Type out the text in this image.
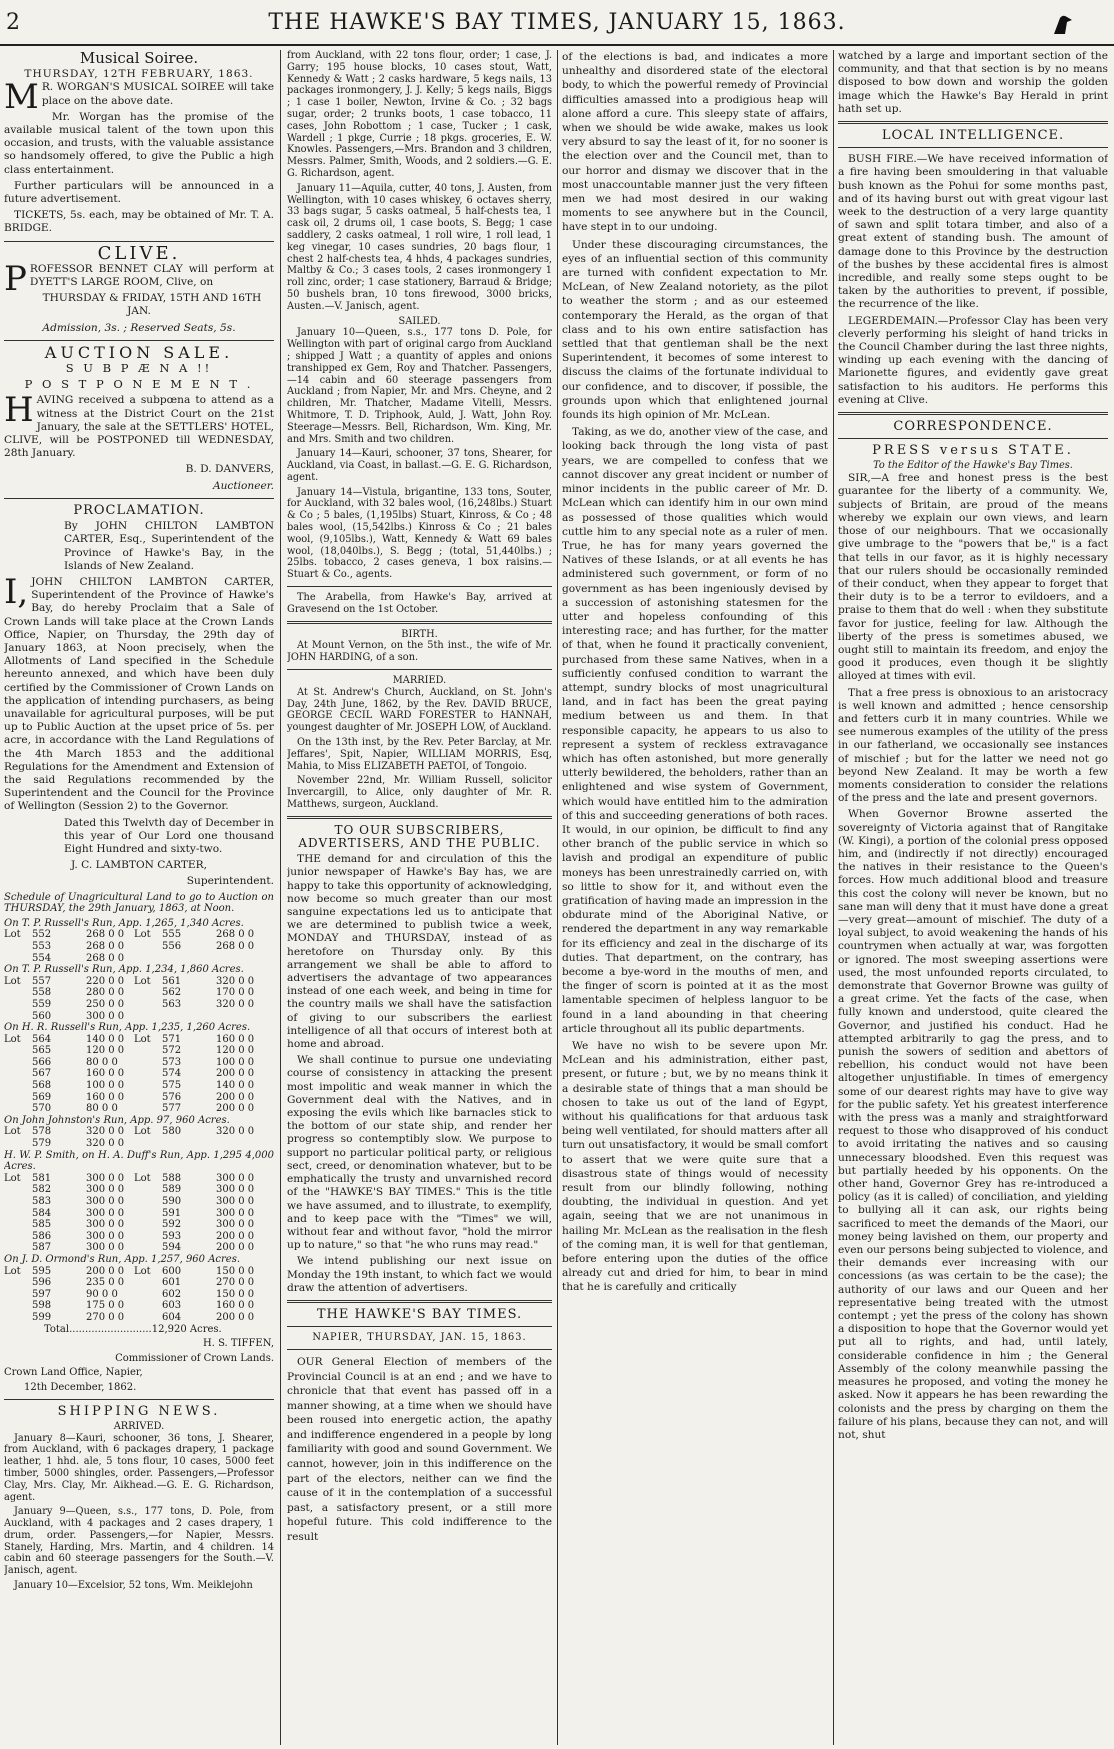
2	THE HAWKE'S BAY TIMES, JANUARY 15, 1863.
Musical Soiree.
THURSDAY, 12TH FEBRUARY, 1863.

M R. WORGAN'S MUSICAL SOIREE will take place on the above date.

Mr. Worgan has the promise of the available musical talent of the town upon this occasion, and trusts, with the valuable assistance so handsomely offered, to give the Public a high class entertainment.

Further particulars will be announced in a future advertisement.

TICKETS, 5s. each, may be obtained of Mr. T. A. BRIDGE.

CLIVE.

PROFESSOR BENNET CLAY will perform at DYETT'S LARGE ROOM, Clive, on

THURSDAY & FRIDAY, 15TH AND 16TH JAN.

Admission, 3s. ; Reserved Seats, 5s.

AUCTION SALE.
S U B P Æ N A !!
P O S T P O N E M E N T .

HAVING received a subpœna to attend as a witness at the District Court on the 21st January, the sale at the SETTLERS' HOTEL, CLIVE, will be POSTPONED till WEDNESDAY, 28th January.

B. D. DANVERS,

Auctioneer.

PROCLAMATION.

By JOHN CHILTON LAMBTON CARTER, Esq., Superintendent of the Province of Hawke's Bay, in the Islands of New Zealand.

I, JOHN CHILTON LAMBTON CARTER, Superintendent of the Province of Hawke's Bay, do hereby Proclaim that a Sale of Crown Lands will take place at the Crown Lands Office, Napier, on Thursday, the 29th day of January 1863, at Noon precisely, when the Allotments of Land specified in the Schedule hereunto annexed, and which have been duly certified by the Commissioner of Crown Lands on the application of intending purchasers, as being unavailable for agricultural purposes, will be put up to Public Auction at the upset price of 5s. per acre, in accordance with the Land Regulations of the 4th March 1853 and the additional Regulations for the Amendment and Extension of the said Regulations recommended by the Superintendent and the Council for the Province of Wellington (Session 2) to the Governor.

Dated this Twelvth day of December in this year of Our Lord one thousand Eight Hundred and sixty-two.

J. C. LAMBTON CARTER,

Superintendent.

Schedule of Unagricultural Land to go to Auction on THURSDAY, the 29th January, 1863, at Noon.

On T. P. Russell's Run, App. 1,265, 1,340 Acres.
Lot	552	268 0 0 Lot	555	268 0 0
553	268 0 0	556	268 0 0
554	268 0 0
On T. P. Russell's Run, App. 1,234, 1,860 Acres.
Lot	557	220 0 0 Lot	561	320 0 0
558	280 0 0	562	170 0 0
559	250 0 0	563	320 0 0
560	300 0 0
On H. R. Russell's Run, App. 1,235, 1,260 Acres.
Lot	564	140 0 0 Lot	571	160 0 0
565	120 0 0	572	120 0 0
566	80 0 0	573	100 0 0
567	160 0 0	574	200 0 0
568	100 0 0	575	140 0 0
569	160 0 0	576	200 0 0
570	80 0 0	577	200 0 0
On John Johnston's Run, App. 97, 960 Acres.
Lot	578	320 0 0 Lot	580	320 0 0
579	320 0 0
H. W. P. Smith, on H. A. Duff's Run, App. 1,295 4,000 Acres.
Lot	581	300 0 0 Lot	588	300 0 0
582	300 0 0	589	300 0 0
583	300 0 0	590	300 0 0
584	300 0 0	591	300 0 0
585	300 0 0	592	300 0 0
586	300 0 0	593	200 0 0
587	300 0 0	594	200 0 0
On J. D. Ormond's Run, App. 1,257, 960 Acres.
Lot	595	200 0 0 Lot	600	150 0 0
596	235 0 0	601	270 0 0
597	90 0 0	602	150 0 0
598	175 0 0	603	160 0 0
599	270 0 0	604	200 0 0

Total..........................12,920 Acres.

H. S. TIFFEN,

Commissioner of Crown Lands.

Crown Land Office, Napier,

12th December, 1862.

SHIPPING NEWS.
ARRIVED.

January 8—Kauri, schooner, 36 tons, J. Shearer, from Auckland, with 6 packages drapery, 1 package leather, 1 hhd. ale, 5 tons flour, 10 cases, 5000 feet timber, 5000 shingles, order. Passengers,—Professor Clay, Mrs. Clay, Mr. Aikhead.—G. E. G. Richardson, agent.

January 9—Queen, s.s., 177 tons, D. Pole, from Auckland, with 4 packages and 2 cases drapery, 1 drum, order. Passengers,—for Napier, Messrs. Stanely, Harding, Mrs. Martin, and 4 children. 14 cabin and 60 steerage passengers for the South.—V. Janisch, agent.

January 10—Excelsior, 52 tons, Wm. Meiklejohn

from Auckland, with 22 tons flour, order; 1 case, J. Garry; 195 house blocks, 10 cases stout, Watt, Kennedy & Watt ; 2 casks hardware, 5 kegs nails, 13 packages ironmongery, J. J. Kelly; 5 kegs nails, Biggs ; 1 case 1 boiler, Newton, Irvine & Co. ; 32 bags sugar, order; 2 trunks boots, 1 case tobacco, 11 cases, John Robottom ; 1 case, Tucker ; 1 cask, Wardell ; 1 pkge, Currie ; 18 pkgs. groceries, E. W. Knowles. Passengers,—Mrs. Brandon and 3 children, Messrs. Palmer, Smith, Woods, and 2 soldiers.—G. E. G. Richardson, agent.

January 11—Aquila, cutter, 40 tons, J. Austen, from Wellington, with 10 cases whiskey, 6 octaves sherry, 33 bags sugar, 5 casks oatmeal, 5 half-chests tea, 1 cask oil, 2 drums oil, 1 case boots, S. Begg; 1 case saddlery, 2 casks oatmeal, 1 roll wire, 1 roll lead, 1 keg vinegar, 10 cases sundries, 20 bags flour, 1 chest 2 half-chests tea, 4 hhds, 4 packages sundries, Maltby & Co.; 3 cases tools, 2 cases ironmongery 1 roll zinc, order; 1 case stationery, Barraud & Bridge; 50 bushels bran, 10 tons firewood, 3000 bricks, Austen.—V. Janisch, agent.

SAILED.

January 10—Queen, s.s., 177 tons D. Pole, for Wellington with part of original cargo from Auckland ; shipped J Watt ; a quantity of apples and onions transhipped ex Gem, Roy and Thatcher. Passengers,—14 cabin and 60 steerage passengers from Auckland ; from Napier, Mr. and Mrs. Cheyne, and 2 children, Mr. Thatcher, Madame Vitelli, Messrs. Whitmore, T. D. Triphook, Auld, J. Watt, John Roy. Steerage—Messrs. Bell, Richardson, Wm. King, Mr. and Mrs. Smith and two children.

January 14—Kauri, schooner, 37 tons, Shearer, for Auckland, via Coast, in ballast.—G. E. G. Richardson, agent.

January 14—Vistula, brigantine, 133 tons, Souter, for Auckland, with 32 bales wool, (16,248lbs.) Stuart & Co ; 5 bales, (1,195lbs) Stuart, Kinross, & Co ; 48 bales wool, (15,542lbs.) Kinross & Co ; 21 bales wool, (9,105lbs.), Watt, Kennedy & Watt 69 bales wool, (18,040lbs.), S. Begg ; (total, 51,440lbs.) ; 25lbs. tobacco, 2 cases geneva, 1 box raisins.—Stuart & Co., agents.

The Arabella, from Hawke's Bay, arrived at Gravesend on the 1st October.

BIRTH.

At Mount Vernon, on the 5th inst., the wife of Mr. JOHN HARDING, of a son.

MARRIED.

At St. Andrew's Church, Auckland, on St. John's Day, 24th June, 1862, by the Rev. DAVID BRUCE, GEORGE CECIL WARD FORESTER to HANNAH, youngest daughter of Mr. JOSEPH LOW, of Auckland.

On the 13th inst, by the Rev. Peter Barclay, at Mr. Jeffares', Spit, Napier, WILLIAM MORRIS, Esq, Mahia, to Miss ELIZABETH PAETOI, of Tongoio.

November 22nd, Mr. William Russell, solicitor Invercargill, to Alice, only daughter of Mr. R. Matthews, surgeon, Auckland.

TO OUR SUBSCRIBERS, ADVERTISERS, AND THE PUBLIC.

THE demand for and circulation of this the junior newspaper of Hawke's Bay has, we are happy to take this opportunity of acknowledging, now become so much greater than our most sanguine expectations led us to anticipate that we are determined to publish twice a week, MONDAY and THURSDAY, instead of as heretofore on Thursday only. By this arrangement we shall be able to afford to advertisers the advantage of two appearances instead of one each week, and being in time for the country mails we shall have the satisfaction of giving to our subscribers the earliest intelligence of all that occurs of interest both at home and abroad.

We shall continue to pursue one undeviating course of consistency in attacking the present most impolitic and weak manner in which the Government deal with the Natives, and in exposing the evils which like barnacles stick to the bottom of our state ship, and render her progress so contemptibly slow. We purpose to support no particular political party, or religious sect, creed, or denomination whatever, but to be emphatically the trusty and unvarnished record of the "HAWKE'S BAY TIMES." This is the title we have assumed, and to illustrate, to exemplify, and to keep pace with the "Times" we will, without fear and without favor, "hold the mirror up to nature," so that "he who runs may read."

We intend publishing our next issue on Monday the 19th instant, to which fact we would draw the attention of advertisers.

THE HAWKE'S BAY TIMES.
NAPIER, THURSDAY, JAN. 15, 1863.

OUR General Election of members of the Provincial Council is at an end ; and we have to chronicle that that event has passed off in a manner showing, at a time when we should have been roused into energetic action, the apathy and indifference engendered in a people by long familiarity with good and sound Government. We cannot, however, join in this indifference on the part of the electors, neither can we find the cause of it in the contemplation of a successful past, a satisfactory present, or a still more hopeful future. This cold indifference to the result

of the elections is bad, and indicates a more unhealthy and disordered state of the electoral body, to which the powerful remedy of Provincial difficulties amassed into a prodigious heap will alone afford a cure. This sleepy state of affairs, when we should be wide awake, makes us look very absurd to say the least of it, for no sooner is the election over and the Council met, than to our horror and dismay we discover that in the most unaccountable manner just the very fifteen men we had most desired in our waking moments to see anywhere but in the Council, have stept in to our undoing.

Under these discouraging circumstances, the eyes of an influential section of this community are turned with confident expectation to Mr. McLean, of New Zealand notoriety, as the pilot to weather the storm ; and as our esteemed contemporary the Herald, as the organ of that class and to his own entire satisfaction has settled that that gentleman shall be the next Superintendent, it becomes of some interest to discuss the claims of the fortunate individual to our confidence, and to discover, if possible, the grounds upon which that enlightened journal founds its high opinion of Mr. McLean.

Taking, as we do, another view of the case, and looking back through the long vista of past years, we are compelled to confess that we cannot discover any great incident or number of minor incidents in the public career of Mr. D. McLean which can identify him in our own mind as possessed of those qualities which would cuttle him to any special note as a ruler of men. True, he has for many years governed the Natives of these Islands, or at all events he has administered such government, or form of no government as has been ingeniously devised by a succession of astonishing statesmen for the utter and hopeless confounding of this interesting race; and has further, for the matter of that, when he found it practically convenient, purchased from these same Natives, when in a sufficiently confused condition to warrant the attempt, sundry blocks of most unagricultural land, and in fact has been the great paying medium between us and them. In that responsible capacity, he appears to us also to represent a system of reckless extravagance which has often astonished, but more generally utterly bewildered, the beholders, rather than an enlightened and wise system of Government, which would have entitled him to the admiration of this and succeeding generations of both races. It would, in our opinion, be difficult to find any other branch of the public service in which so lavish and prodigal an expenditure of public moneys has been unrestrainedly carried on, with so little to show for it, and without even the gratification of having made an impression in the obdurate mind of the Aboriginal Native, or rendered the department in any way remarkable for its efficiency and zeal in the discharge of its duties. That department, on the contrary, has become a bye-word in the mouths of men, and the finger of scorn is pointed at it as the most lamentable specimen of helpless languor to be found in a land abounding in that cheering article throughout all its public departments.

We have no wish to be severe upon Mr. McLean and his administration, either past, present, or future ; but, we by no means think it a desirable state of things that a man should be chosen to take us out of the land of Egypt, without his qualifications for that arduous task being well ventilated, for should matters after all turn out unsatisfactory, it would be small comfort to assert that we were quite sure that a disastrous state of things would of necessity result from our blindly following, nothing doubting, the individual in question. And yet again, seeing that we are not unanimous in hailing Mr. McLean as the realisation in the flesh of the coming man, it is well for that gentleman, before entering upon the duties of the office already cut and dried for him, to bear in mind that he is carefully and critically

watched by a large and important section of the community, and that that section is by no means disposed to bow down and worship the golden image which the Hawke's Bay Herald in print hath set up.

LOCAL INTELLIGENCE.

BUSH FIRE.—We have received information of a fire having been smouldering in that valuable bush known as the Pohui for some months past, and of its having burst out with great vigour last week to the destruction of a very large quantity of sawn and split totara timber, and also of a great extent of standing bush. The amount of damage done to this Province by the destruction of the bushes by these accidental fires is almost incredible, and really some steps ought to be taken by the authorities to prevent, if possible, the recurrence of the like.

LEGERDEMAIN.—Professor Clay has been very cleverly performing his sleight of hand tricks in the Council Chamber during the last three nights, winding up each evening with the dancing of Marionette figures, and evidently gave great satisfaction to his auditors. He performs this evening at Clive.

CORRESPONDENCE.
PRESS versus STATE.
To the Editor of the Hawke's Bay Times.

SIR,—A free and honest press is the best guarantee for the liberty of a community. We, subjects of Britain, are proud of the means whereby we explain our own views, and learn those of our neighbours. That we occasionally give umbrage to the "powers that be," is a fact that tells in our favor, as it is highly necessary that our rulers should be occasionally reminded of their conduct, when they appear to forget that their duty is to be a terror to evildoers, and a praise to them that do well : when they substitute favor for justice, feeling for law. Although the liberty of the press is sometimes abused, we ought still to maintain its freedom, and enjoy the good it produces, even though it be slightly alloyed at times with evil.

That a free press is obnoxious to an aristocracy is well known and admitted ; hence censorship and fetters curb it in many countries. While we see numerous examples of the utility of the press in our fatherland, we occasionally see instances of mischief ; but for the latter we need not go beyond New Zealand. It may be worth a few moments consideration to consider the relations of the press and the late and present governors.

When Governor Browne asserted the sovereignty of Victoria against that of Rangitake (W. Kingi), a portion of the colonial press opposed him, and (indirectly if not directly) encouraged the natives in their resistance to the Queen's forces. How much additional blood and treasure this cost the colony will never be known, but no sane man will deny that it must have done a great—very great—amount of mischief. The duty of a loyal subject, to avoid weakening the hands of his countrymen when actually at war, was forgotten or ignored. The most sweeping assertions were used, the most unfounded reports circulated, to demonstrate that Governor Browne was guilty of a great crime. Yet the facts of the case, when fully known and understood, quite cleared the Governor, and justified his conduct. Had he attempted arbitrarily to gag the press, and to punish the sowers of sedition and abettors of rebellion, his conduct would not have been altogether unjustifiable. In times of emergency some of our dearest rights may have to give way for the public safety. Yet his greatest interference with the press was a manly and straightforward request to those who disapproved of his conduct to avoid irritating the natives and so causing unnecessary bloodshed. Even this request was but partially heeded by his opponents. On the other hand, Governor Grey has re-introduced a policy (as it is called) of conciliation, and yielding to bullying all it can ask, our rights being sacrificed to meet the demands of the Maori, our money being lavished on them, our property and even our persons being subjected to violence, and their demands ever increasing with our concessions (as was certain to be the case); the authority of our laws and our Queen and her representative being treated with the utmost contempt ; yet the press of the colony has shown a disposition to hope that the Governor would yet put all to rights, and had, until lately, considerable confidence in him ; the General Assembly of the colony meanwhile passing the measures he proposed, and voting the money he asked. Now it appears he has been rewarding the colonists and the press by charging on them the failure of his plans, because they can not, and will not, shut
